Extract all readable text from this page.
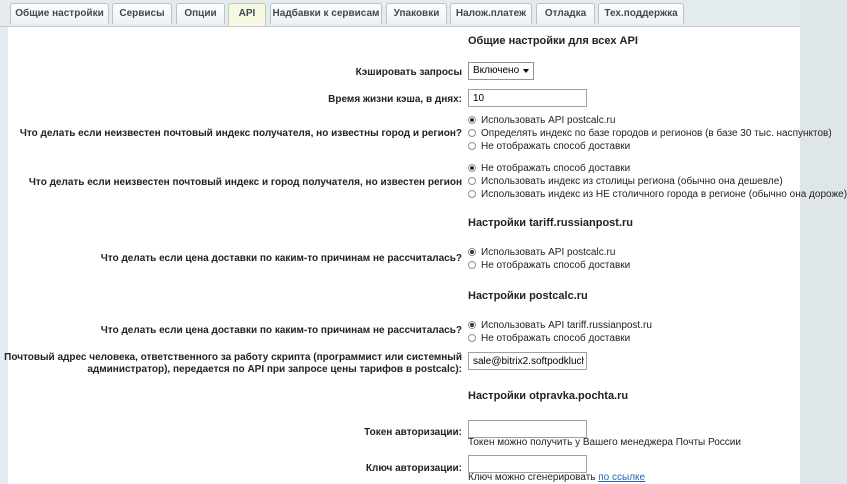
Общие настройки	Сервисы	Опции	API	Надбавки к сервисам	Упаковки	Налож.платеж	Отладка	Тех.поддержка
Общие настройки для всех API
Кэшировать запросы	Включено
Время жизни кэша, в днях:
10
Что делать если неизвестен почтовый индекс получателя, но известны город и регион?
Использовать API postcalc.ru
Определять индекс по базе городов и регионов (в базе 30 тыс. наспунктов)
Не отображать способ доставки
Что делать если неизвестен почтовый индекс и город получателя, но известен регион
Не отображать способ доставки
Использовать индекс из столицы региона (обычно она дешевле)
Использовать индекс из НЕ столичного города в регионе (обычно она дороже)
Настройки tariff.russianpost.ru
Что делать если цена доставки по каким-то причинам не рассчиталась?
Использовать API postcalc.ru
Не отображать способ доставки
Настройки postcalc.ru
Что делать если цена доставки по каким-то причинам не рассчиталась?	Использовать API tariff.russianpost.ru
Не отображать способ доставки
Почтовый адрес человека, ответственного за работу скрипта (программист или системный
администратор), передается по API при запросе цены тарифов в postcalc):
sale@bitrix2.softpodkluch.ru
Настройки otpravka.pochta.ru
Токен авторизации:
Токен можно получить у Вашего менеджера Почты России
Ключ авторизации:
Ключ можно сгенерировать по ссылке
